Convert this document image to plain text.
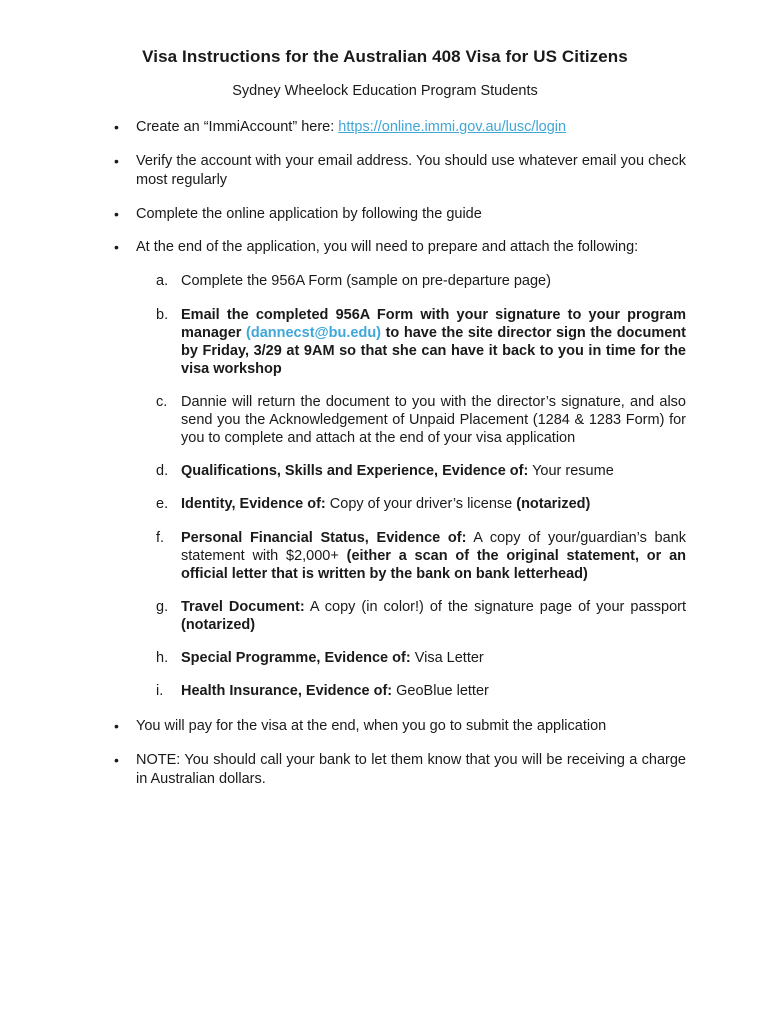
Visa Instructions for the Australian 408 Visa for US Citizens
Sydney Wheelock Education Program Students
• Create an “ImmiAccount” here: https://online.immi.gov.au/lusc/login
• Verify the account with your email address. You should use whatever email you check most regularly
• Complete the online application by following the guide
• At the end of the application, you will need to prepare and attach the following:
a. Complete the 956A Form (sample on pre-departure page)
b. Email the completed 956A Form with your signature to your program manager (dannecst@bu.edu) to have the site director sign the document by Friday, 3/29 at 9AM so that she can have it back to you in time for the visa workshop
c. Dannie will return the document to you with the director’s signature, and also send you the Acknowledgement of Unpaid Placement (1284 & 1283 Form) for you to complete and attach at the end of your visa application
d. Qualifications, Skills and Experience, Evidence of: Your resume
e. Identity, Evidence of: Copy of your driver’s license (notarized)
f.	Personal Financial Status, Evidence of: A copy of your/guardian’s bank statement with $2,000+ (either a scan of the original statement, or an official letter that is written by the bank on bank letterhead)
g. Travel Document: A copy (in color!) of the signature page of your passport (notarized)
h. Special Programme, Evidence of: Visa Letter
i.	Health Insurance, Evidence of: GeoBlue letter
• You will pay for the visa at the end, when you go to submit the application
• NOTE: You should call your bank to let them know that you will be receiving a charge in Australian dollars.
